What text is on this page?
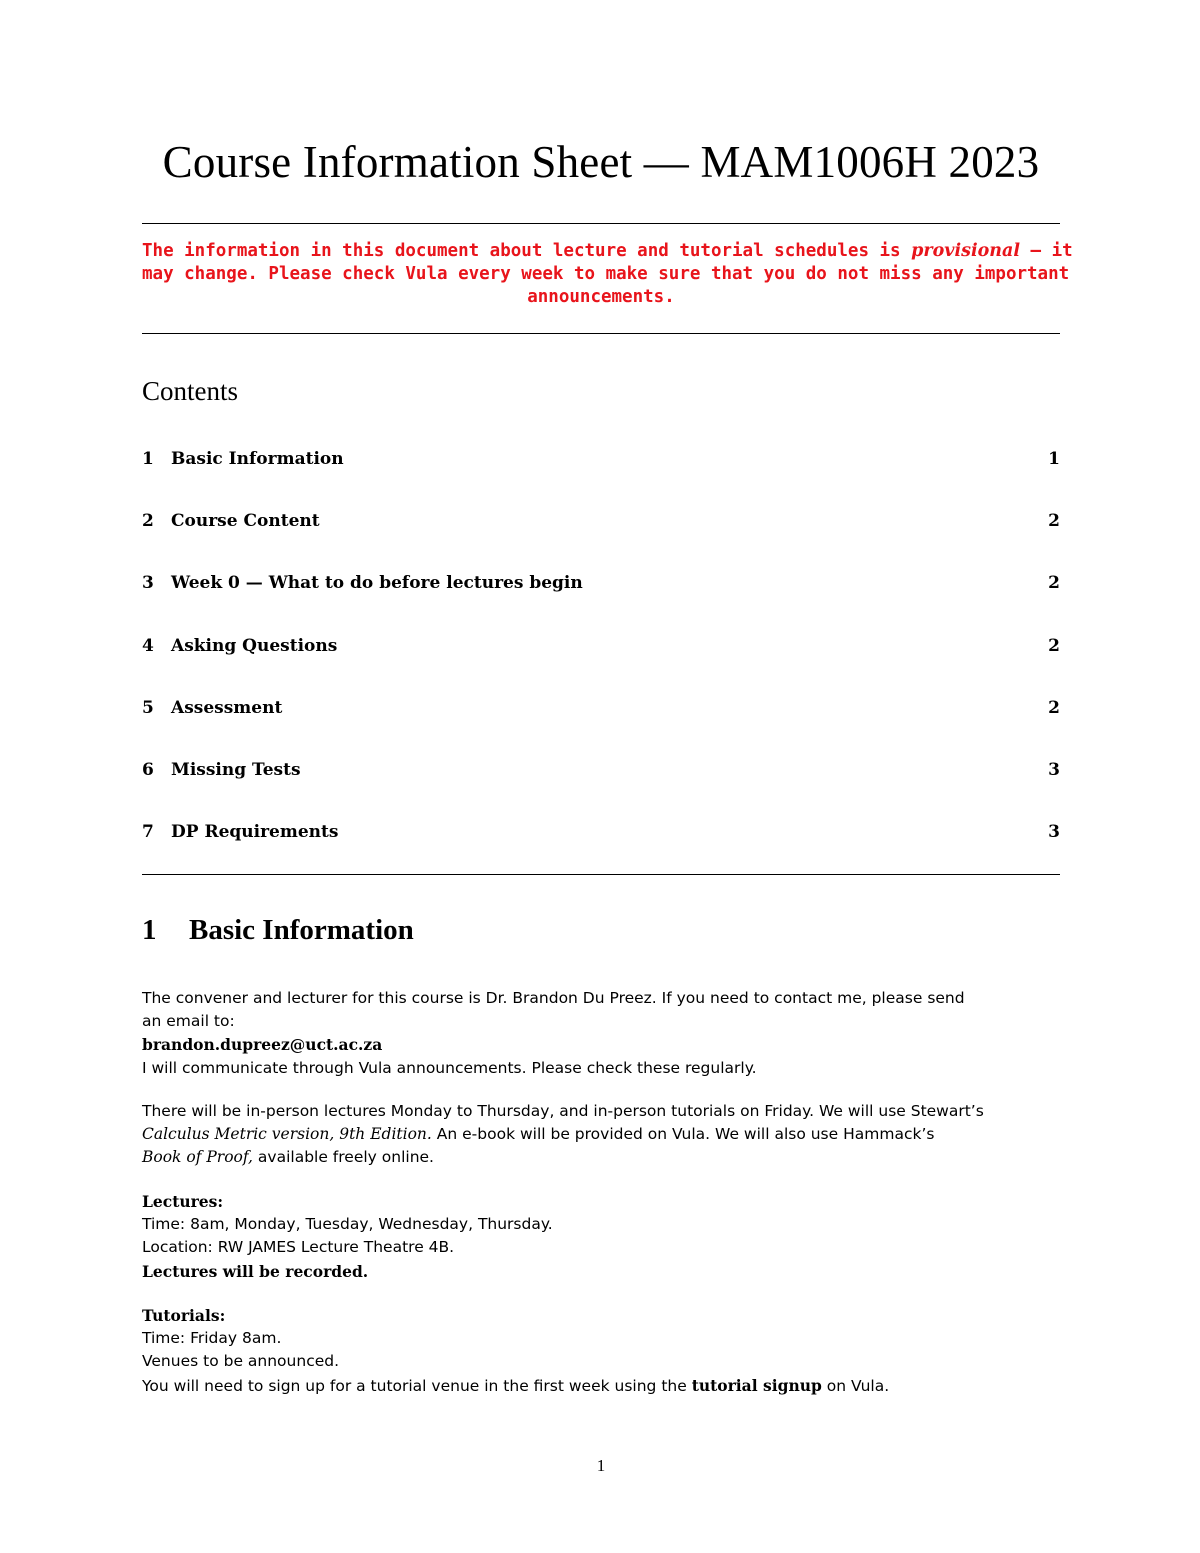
Course Information Sheet — MAM1006H 2023

The information in this document about lecture and tutorial schedules is provisional — it
may change. Please check Vula every week to make sure that you do not miss any important
announcements.

Contents
1 Basic Information	1
2 Course Content	2
3 Week 0 — What to do before lectures begin	2
4 Asking Questions	2
5 Assessment	2
6 Missing Tests	3
7 DP Requirements	3
1 Basic Information

The convener and lecturer for this course is Dr. Brandon Du Preez. If you need to contact me, please send
an email to:
brandon.dupreez@uct.ac.za
I will communicate through Vula announcements. Please check these regularly.

There will be in-person lectures Monday to Thursday, and in-person tutorials on Friday. We will use Stewart’s
Calculus Metric version, 9th Edition. An e-book will be provided on Vula. We will also use Hammack’s
Book of Proof, available freely online.

Lectures:
Time: 8am, Monday, Tuesday, Wednesday, Thursday.
Location: RW JAMES Lecture Theatre 4B.
Lectures will be recorded.

Tutorials:
Time: Friday 8am.
Venues to be announced.
You will need to sign up for a tutorial venue in the first week using the tutorial signup on Vula.

1
